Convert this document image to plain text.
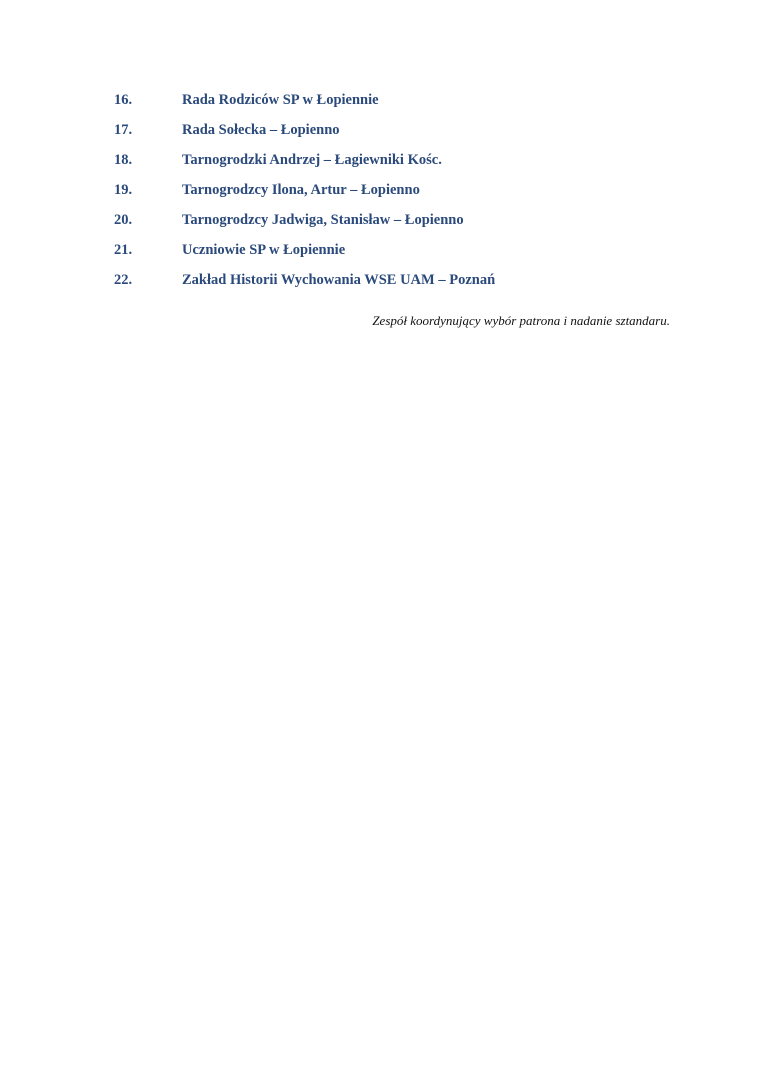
16.	Rada Rodziców SP w Łopiennie
17.	Rada Sołecka – Łopienno
18.	Tarnogrodzki Andrzej – Łagiewniki Kośc.
19.	Tarnogrodzcy Ilona, Artur – Łopienno
20.	Tarnogrodzcy Jadwiga, Stanisław – Łopienno
21.	Uczniowie SP w Łopiennie
22.	Zakład Historii Wychowania WSE UAM – Poznań
Zespół koordynujący wybór patrona i nadanie sztandaru.
